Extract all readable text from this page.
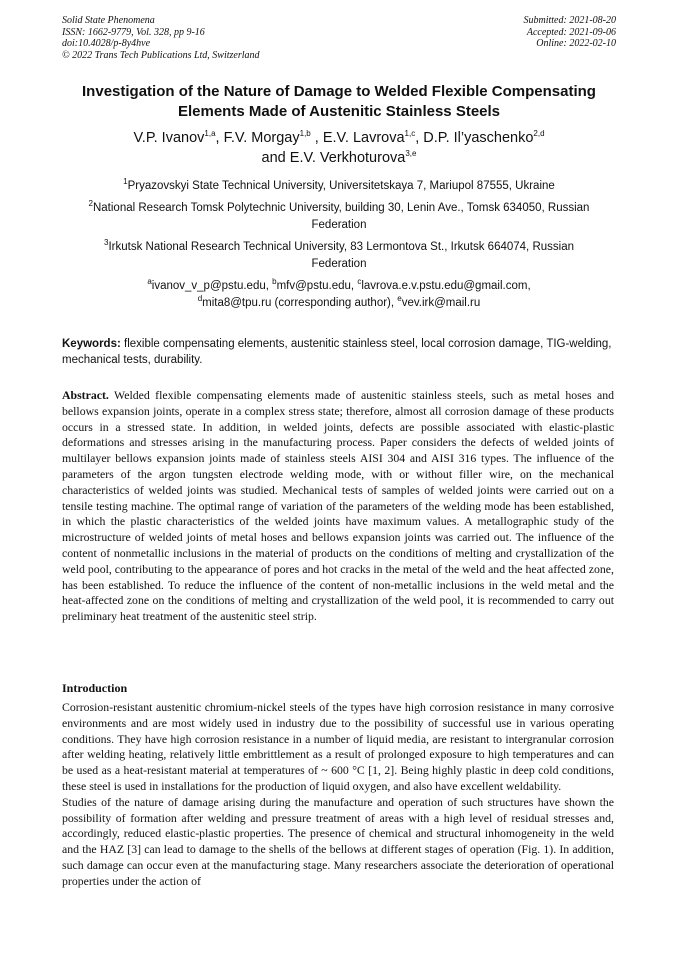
Solid State Phenomena
ISSN: 1662-9779, Vol. 328, pp 9-16
doi:10.4028/p-8y4hve
© 2022 Trans Tech Publications Ltd, Switzerland
Submitted: 2021-08-20
Accepted: 2021-09-06
Online: 2022-02-10
Investigation of the Nature of Damage to Welded Flexible Compensating Elements Made of Austenitic Stainless Steels
V.P. Ivanov$^{1,a}$, F.V. Morgay$^{1,b}$ , E.V. Lavrova$^{1,c}$, D.P. Il’yaschenko$^{2,d}$
and E.V. Verkhoturova$^{3,e}$
$^1$Pryazovskyi State Technical University, Universitetskaya 7, Mariupol 87555, Ukraine
$^2$National Research Tomsk Polytechnic University, building 30, Lenin Ave., Tomsk 634050, Russian Federation
$^3$Irkutsk National Research Technical University, 83 Lermontova St., Irkutsk 664074, Russian Federation
$^a$ivanov_v_p@pstu.edu, $^b$mfv@pstu.edu, $^c$lavrova.e.v.pstu.edu@gmail.com,
$^d$mita8@tpu.ru (corresponding author), $^e$vev.irk@mail.ru
Keywords: flexible compensating elements, austenitic stainless steel, local corrosion damage, TIG-welding, mechanical tests, durability.
Abstract. Welded flexible compensating elements made of austenitic stainless steels, such as metal hoses and bellows expansion joints, operate in a complex stress state; therefore, almost all corrosion damage of these products occurs in a stressed state. In addition, in welded joints, defects are possible associated with elastic-plastic deformations and stresses arising in the manufacturing process. Paper considers the defects of welded joints of multilayer bellows expansion joints made of stainless steels AISI 304 and AISI 316 types. The influence of the parameters of the argon tungsten electrode welding mode, with or without filler wire, on the mechanical characteristics of welded joints was studied. Mechanical tests of samples of welded joints were carried out on a tensile testing machine. The optimal range of variation of the parameters of the welding mode has been established, in which the plastic characteristics of the welded joints have maximum values. A metallographic study of the microstructure of welded joints of metal hoses and bellows expansion joints was carried out. The influence of the content of nonmetallic inclusions in the material of products on the conditions of melting and crystallization of the weld pool, contributing to the appearance of pores and hot cracks in the metal of the weld and the heat affected zone, has been established. To reduce the influence of the content of non-metallic inclusions in the weld metal and the heat-affected zone on the conditions of melting and crystallization of the weld pool, it is recommended to carry out preliminary heat treatment of the austenitic steel strip.
Introduction

Corrosion-resistant austenitic chromium-nickel steels of the types have high corrosion resistance in many corrosive environments and are most widely used in industry due to the possibility of successful use in various operating conditions. They have high corrosion resistance in a number of liquid media, are resistant to intergranular corrosion after welding heating, relatively little embrittlement as a result of prolonged exposure to high temperatures and can be used as a heat-resistant material at temperatures of ~ 600 °C [1, 2]. Being highly plastic in deep cold conditions, these steel is used in installations for the production of liquid oxygen, and also have excellent weldability.

Studies of the nature of damage arising during the manufacture and operation of such structures have shown the possibility of formation after welding and pressure treatment of areas with a high level of residual stresses and, accordingly, reduced elastic-plastic properties. The presence of chemical and structural inhomogeneity in the weld and the HAZ [3] can lead to damage to the shells of the bellows at different stages of operation (Fig. 1). In addition, such damage can occur even at the manufacturing stage. Many researchers associate the deterioration of operational properties under the action of
